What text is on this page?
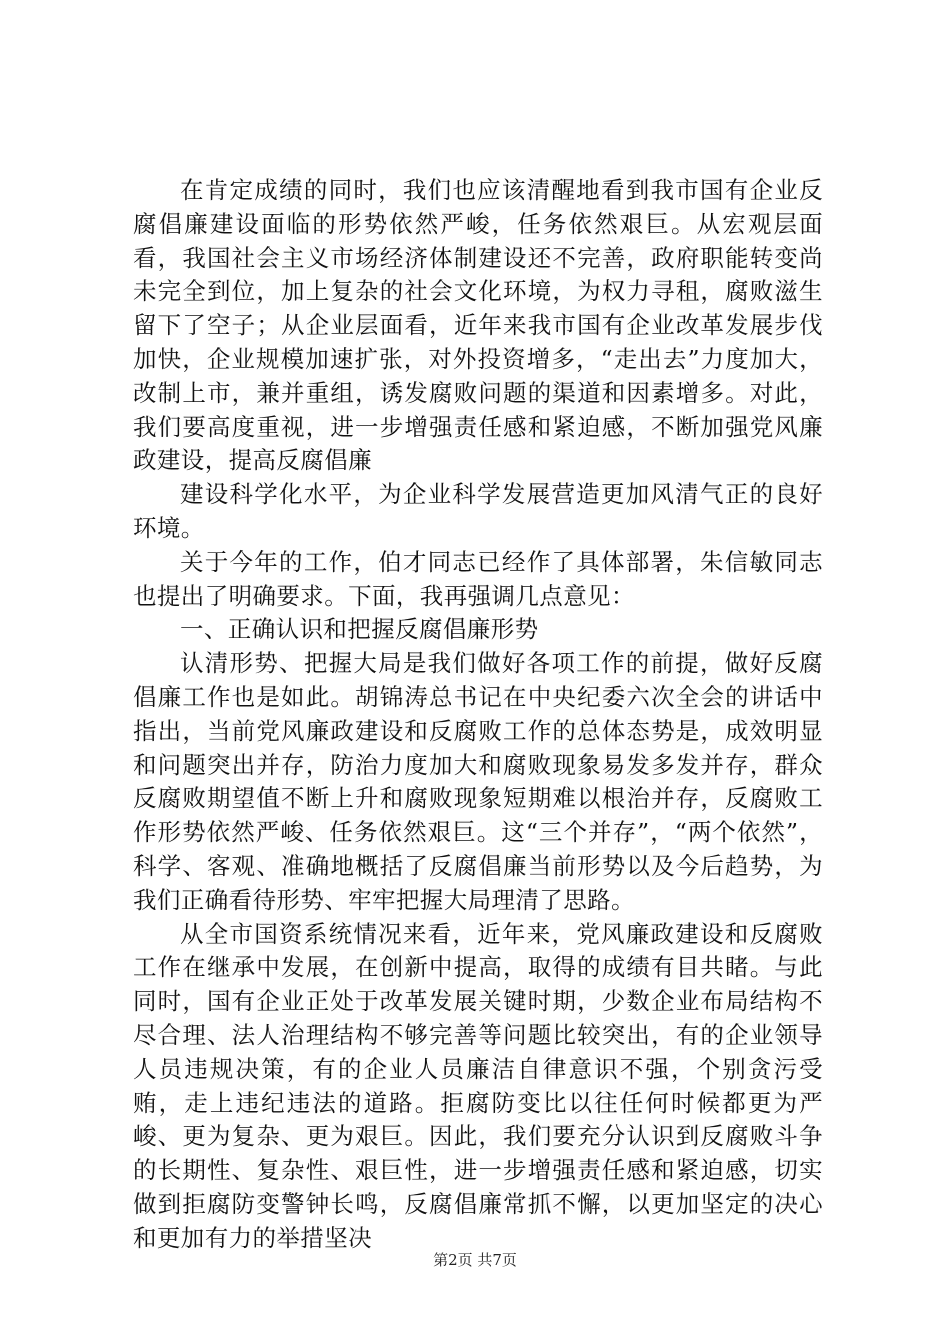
在肯定成绩的同时，我们也应该清醒地看到我市国有企业反腐倡廉建设面临的形势依然严峻，任务依然艰巨。从宏观层面看，我国社会主义市场经济体制建设还不完善，政府职能转变尚未完全到位，加上复杂的社会文化环境，为权力寻租，腐败滋生留下了空子；从企业层面看，近年来我市国有企业改革发展步伐加快，企业规模加速扩张，对外投资增多，“走出去”力度加大，改制上市，兼并重组，诱发腐败问题的渠道和因素增多。对此，我们要高度重视，进一步增强责任感和紧迫感，不断加强党风廉政建设，提高反腐倡廉

建设科学化水平，为企业科学发展营造更加风清气正的良好环境。

关于今年的工作，伯才同志已经作了具体部署，朱信敏同志也提出了明确要求。下面，我再强调几点意见：

一、正确认识和把握反腐倡廉形势

认清形势、把握大局是我们做好各项工作的前提，做好反腐倡廉工作也是如此。胡锦涛总书记在中央纪委六次全会的讲话中指出，当前党风廉政建设和反腐败工作的总体态势是，成效明显和问题突出并存，防治力度加大和腐败现象易发多发并存，群众反腐败期望值不断上升和腐败现象短期难以根治并存，反腐败工作形势依然严峻、任务依然艰巨。这“三个并存”，“两个依然”，科学、客观、准确地概括了反腐倡廉当前形势以及今后趋势，为我们正确看待形势、牢牢把握大局理清了思路。

从全市国资系统情况来看，近年来，党风廉政建设和反腐败工作在继承中发展，在创新中提高，取得的成绩有目共睹。与此同时，国有企业正处于改革发展关键时期，少数企业布局结构不尽合理、法人治理结构不够完善等问题比较突出，有的企业领导人员违规决策，有的企业人员廉洁自律意识不强，个别贪污受贿，走上违纪违法的道路。拒腐防变比以往任何时候都更为严峻、更为复杂、更为艰巨。因此，我们要充分认识到反腐败斗争的长期性、复杂性、艰巨性，进一步增强责任感和紧迫感，切实做到拒腐防变警钟长鸣，反腐倡廉常抓不懈，以更加坚定的决心和更加有力的举措坚决

第2页 共7页
